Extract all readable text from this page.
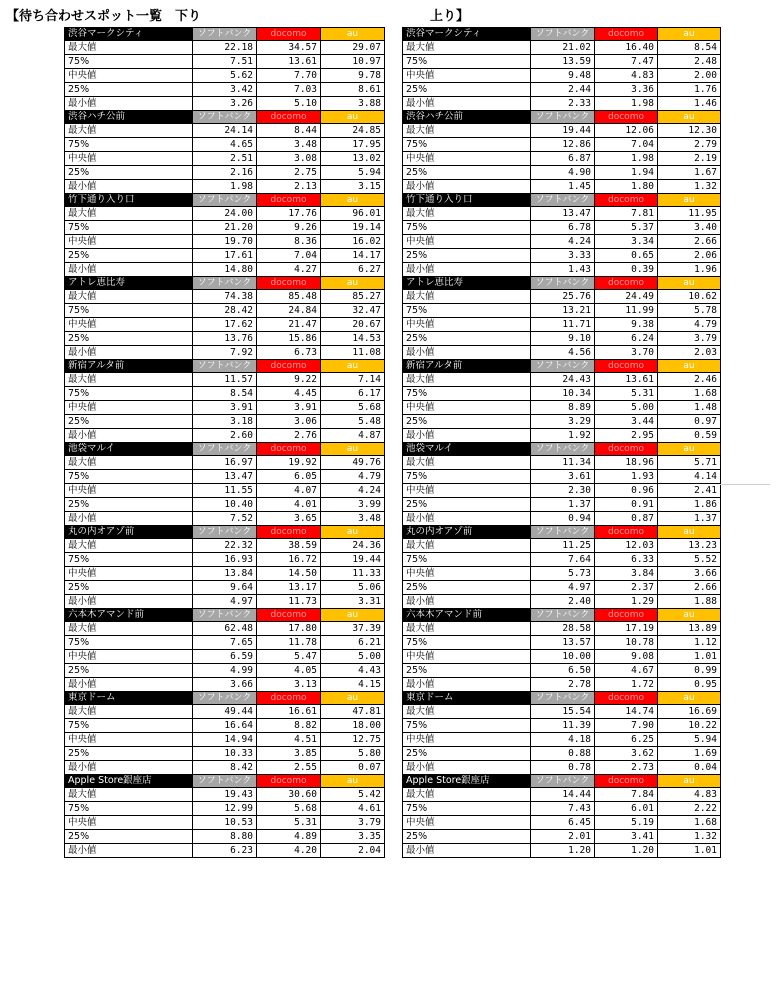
【待ち合わせスポット一覧　下り	上り】
渋谷マークシティ	ソフトバンク	docomo	au
最大値	22.18	34.57	29.07
75%	7.51	13.61	10.97
中央値	5.62	7.70	9.78
25%	3.42	7.03	8.61
最小値	3.26	5.10	3.88
渋谷ハチ公前	ソフトバンク	docomo	au
最大値	24.14	8.44	24.85
75%	4.65	3.48	17.95
中央値	2.51	3.08	13.02
25%	2.16	2.75	5.94
最小値	1.98	2.13	3.15
竹下通り入り口	ソフトバンク	docomo	au
最大値	24.00	17.76	96.01
75%	21.20	9.26	19.14
中央値	19.70	8.36	16.02
25%	17.61	7.04	14.17
最小値	14.80	4.27	6.27
アトレ恵比寿	ソフトバンク	docomo	au
最大値	74.38	85.48	85.27
75%	28.42	24.84	32.47
中央値	17.62	21.47	20.67
25%	13.76	15.86	14.53
最小値	7.92	6.73	11.08
新宿アルタ前	ソフトバンク	docomo	au
最大値	11.57	9.22	7.14
75%	8.54	4.45	6.17
中央値	3.91	3.91	5.68
25%	3.18	3.06	5.48
最小値	2.60	2.76	4.87
池袋マルイ	ソフトバンク	docomo	au
最大値	16.97	19.92	49.76
75%	13.47	6.05	4.79
中央値	11.55	4.07	4.24
25%	10.40	4.01	3.99
最小値	7.52	3.65	3.48
丸の内オアゾ前	ソフトバンク	docomo	au
最大値	22.32	38.59	24.36
75%	16.93	16.72	19.44
中央値	13.84	14.50	11.33
25%	9.64	13.17	5.06
最小値	4.97	11.73	3.31
六本木アマンド前	ソフトバンク	docomo	au
最大値	62.48	17.80	37.39
75%	7.65	11.78	6.21
中央値	6.59	5.47	5.00
25%	4.99	4.05	4.43
最小値	3.66	3.13	4.15
東京ドーム	ソフトバンク	docomo	au
最大値	49.44	16.61	47.81
75%	16.64	8.82	18.00
中央値	14.94	4.51	12.75
25%	10.33	3.85	5.80
最小値	8.42	2.55	0.07
Apple Store銀座店	ソフトバンク	docomo	au
最大値	19.43	30.60	5.42
75%	12.99	5.68	4.61
中央値	10.53	5.31	3.79
25%	8.80	4.89	3.35
最小値	6.23	4.20	2.04
渋谷マークシティ	ソフトバンク	docomo	au
最大値	21.02	16.40	8.54
75%	13.59	7.47	2.48
中央値	9.48	4.83	2.00
25%	2.44	3.36	1.76
最小値	2.33	1.98	1.46
渋谷ハチ公前	ソフトバンク	docomo	au
最大値	19.44	12.06	12.30
75%	12.86	7.04	2.79
中央値	6.87	1.98	2.19
25%	4.90	1.94	1.67
最小値	1.45	1.80	1.32
竹下通り入り口	ソフトバンク	docomo	au
最大値	13.47	7.81	11.95
75%	6.78	5.37	3.40
中央値	4.24	3.34	2.66
25%	3.33	0.65	2.06
最小値	1.43	0.39	1.96
アトレ恵比寿	ソフトバンク	docomo	au
最大値	25.76	24.49	10.62
75%	13.21	11.99	5.78
中央値	11.71	9.38	4.79
25%	9.10	6.24	3.79
最小値	4.56	3.70	2.03
新宿アルタ前	ソフトバンク	docomo	au
最大値	24.43	13.61	2.46
75%	10.34	5.31	1.68
中央値	8.89	5.00	1.48
25%	3.29	3.44	0.97
最小値	1.92	2.95	0.59
池袋マルイ	ソフトバンク	docomo	au
最大値	11.34	18.96	5.71
75%	3.61	1.93	4.14
中央値	2.30	0.96	2.41
25%	1.37	0.91	1.86
最小値	0.94	0.87	1.37
丸の内オアゾ前	ソフトバンク	docomo	au
最大値	11.25	12.03	13.23
75%	7.64	6.33	5.52
中央値	5.73	3.84	3.66
25%	4.97	2.37	2.66
最小値	2.40	1.29	1.88
六本木アマンド前	ソフトバンク	docomo	au
最大値	28.58	17.19	13.89
75%	13.57	10.78	1.12
中央値	10.00	9.08	1.01
25%	6.50	4.67	0.99
最小値	2.78	1.72	0.95
東京ドーム	ソフトバンク	docomo	au
最大値	15.54	14.74	16.69
75%	11.39	7.90	10.22
中央値	4.18	6.25	5.94
25%	0.88	3.62	1.69
最小値	0.78	2.73	0.04
Apple Store銀座店	ソフトバンク	docomo	au
最大値	14.44	7.84	4.83
75%	7.43	6.01	2.22
中央値	6.45	5.19	1.68
25%	2.01	3.41	1.32
最小値	1.20	1.20	1.01
